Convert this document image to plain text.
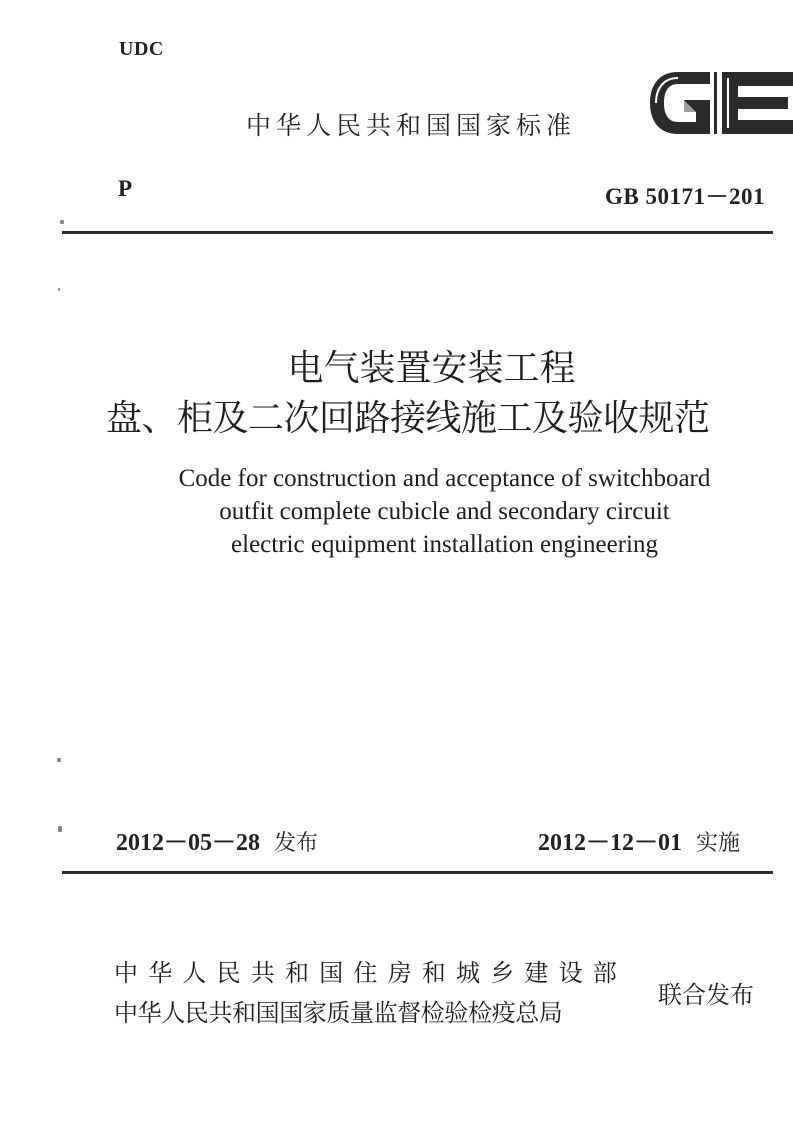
UDC
中华人民共和国国家标准
P	GB 50171－201
电气装置安装工程
盘、柜及二次回路接线施工及验收规范
Code for construction and acceptance of switchboard
outfit complete cubicle and secondary circuit
electric equipment installation engineering
2012－05－28 发布	2012－12－01 实施
中华人民共和国住房和城乡建设部
中华人民共和国国家质量监督检验检疫总局
联合发布
